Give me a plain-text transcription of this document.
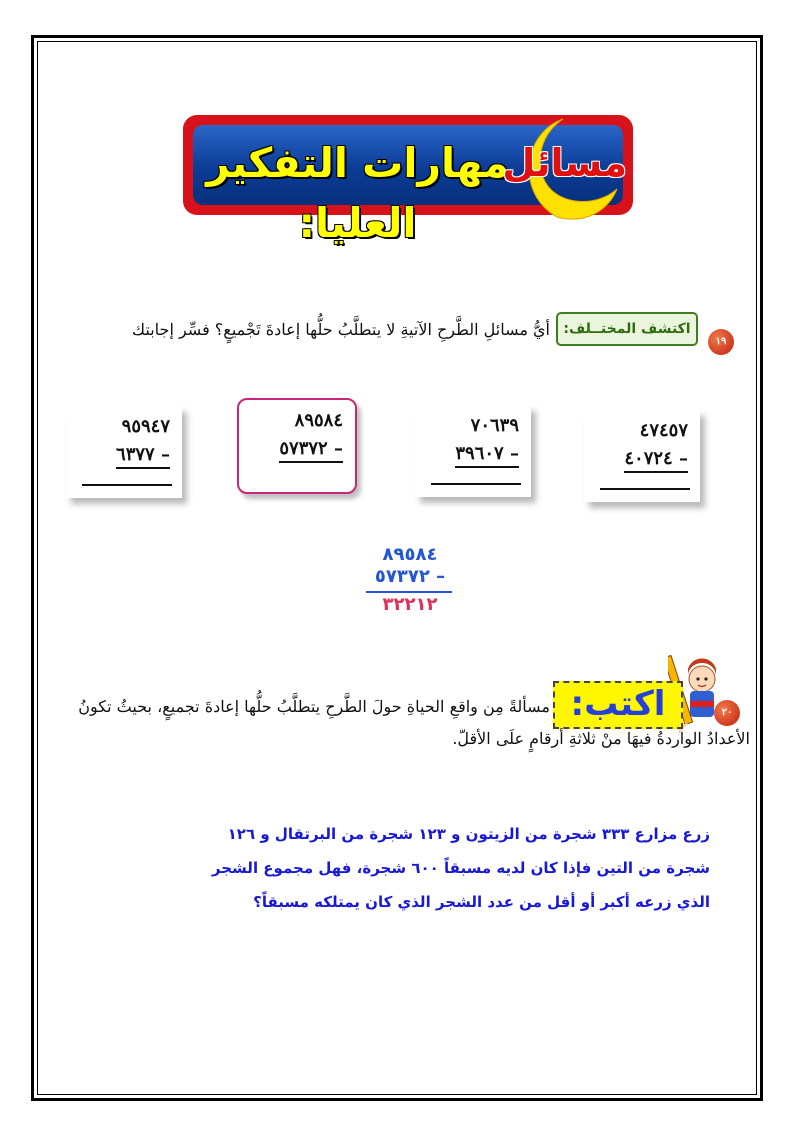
مهارات التفكير العليا:
مسائل
١٩
اكتشف المختــلف:
أيُّ مسائلِ الطَّرحِ الآتيةِ لا يتطلَّبُ حلُّها إعادةَ تَجْميعٍ؟ فسِّر إجابتك
٤٧٤٥٧
٤٠٧٢٤ –
٧٠٦٣٩
٣٩٦٠٧ –
٨٩٥٨٤
٥٧٣٧٢ –
٩٥٩٤٧
٦٣٧٧ –
٨٩٥٨٤
٥٧٣٧٢ –
٣٢٢١٢
٢٠
اكتب:
مسألةً مِن واقعِ الحياةِ حولَ الطَّرحِ يتطلَّبُ حلُّها إعادةَ تجميعٍ، بحيثُ تكونُ
الأعدادُ الواردةُ فيهَا منْ ثلاثةِ أرقامٍ علَى الأقلّ.
زرع مزارع ٣٣٣ شجرة من الزيتون و ١٢٣ شجرة من البرتقال و ١٢٦
شجرة من التين فإذا كان لديه مسبقاً ٦٠٠ شجرة، فهل مجموع الشجر
الذي زرعه أكبر أو أقل من عدد الشجر الذي كان يمتلكه مسبقاً؟
